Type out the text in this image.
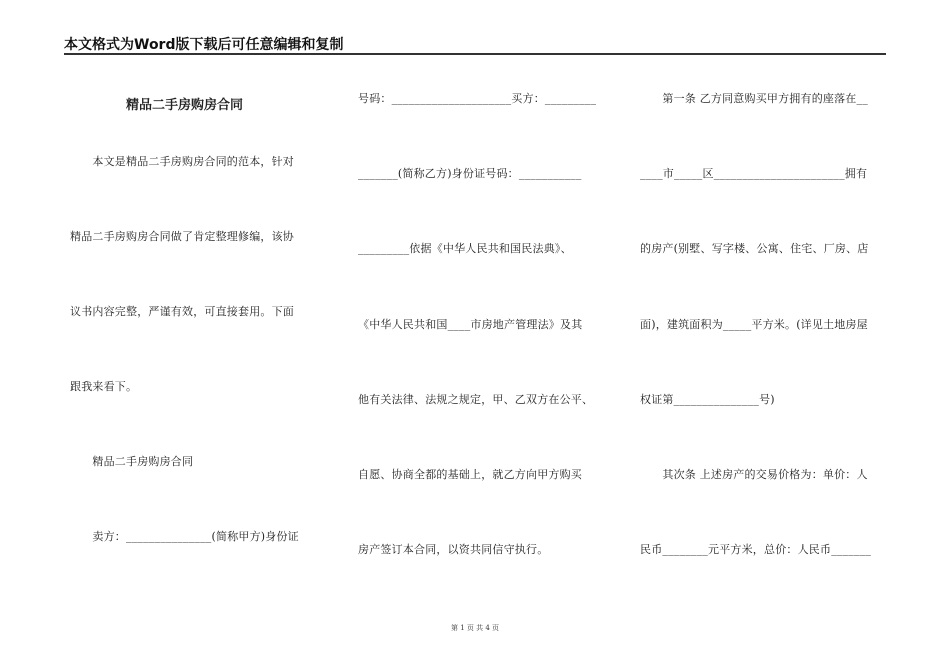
本文格式为Word版下载后可任意编辑和复制
精品二手房购房合同
　　本文是精品二手房购房合同的范本，针对
精品二手房购房合同做了肯定整理修编，该协
议书内容完整，严谨有效，可直接套用。下面
跟我来看下。
　　精品二手房购房合同
　　卖方：_______________(简称甲方)身份证
号码：_____________________买方：_________
_______(简称乙方)身份证号码：___________
_________依据《中华人民共和国民法典》、
《中华人民共和国____市房地产管理法》及其
他有关法律、法规之规定，甲、乙双方在公平、
自愿、协商全都的基础上，就乙方向甲方购买
房产签订本合同，以资共同信守执行。
　　第一条 乙方同意购买甲方拥有的座落在__
____市_____区_______________________拥有
的房产(别墅、写字楼、公寓、住宅、厂房、店
面)，建筑面积为_____平方米。(详见土地房屋
权证第_______________号)
　　其次条 上述房产的交易价格为：单价：人
民币________元平方米，总价：人民币_______
第 1 页 共 4 页
